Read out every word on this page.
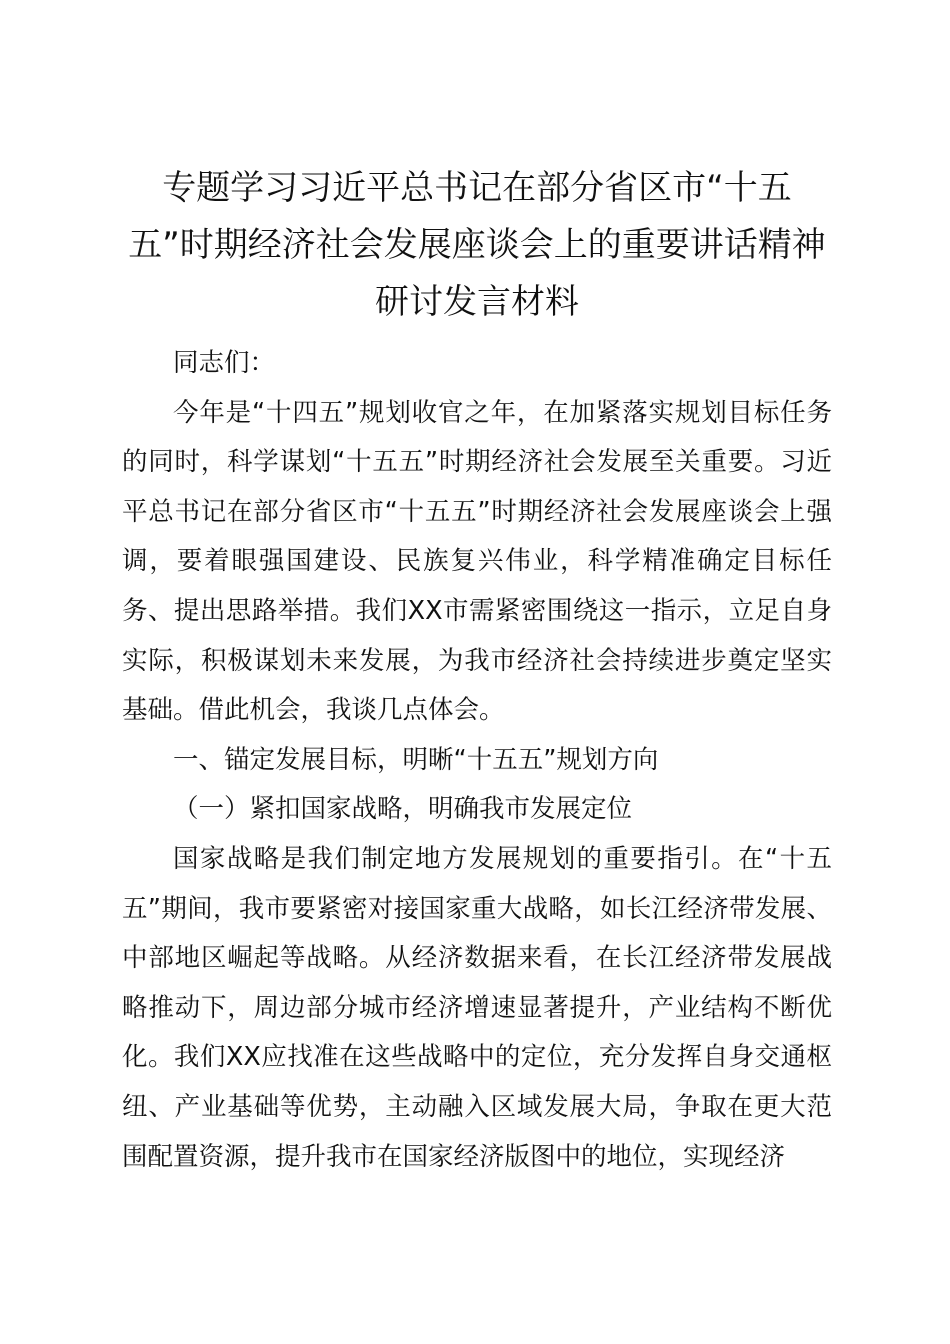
专题学习习近平总书记在部分省区市“十五五”时期经济社会发展座谈会上的重要讲话精神研讨发言材料

同志们：

今年是“十四五”规划收官之年，在加紧落实规划目标任务的同时，科学谋划“十五五”时期经济社会发展至关重要。习近平总书记在部分省区市“十五五”时期经济社会发展座谈会上强调，要着眼强国建设、民族复兴伟业，科学精准确定目标任务、提出思路举措。我们XX市需紧密围绕这一指示，立足自身实际，积极谋划未来发展，为我市经济社会持续进步奠定坚实基础。借此机会，我谈几点体会。

一、锚定发展目标，明晰“十五五”规划方向

（一）紧扣国家战略，明确我市发展定位

国家战略是我们制定地方发展规划的重要指引。在“十五五”期间，我市要紧密对接国家重大战略，如长江经济带发展、中部地区崛起等战略。从经济数据来看，在长江经济带发展战略推动下，周边部分城市经济增速显著提升，产业结构不断优化。我们XX应找准在这些战略中的定位，充分发挥自身交通枢纽、产业基础等优势，主动融入区域发展大局，争取在更大范围配置资源，提升我市在国家经济版图中的地位，实现经济
